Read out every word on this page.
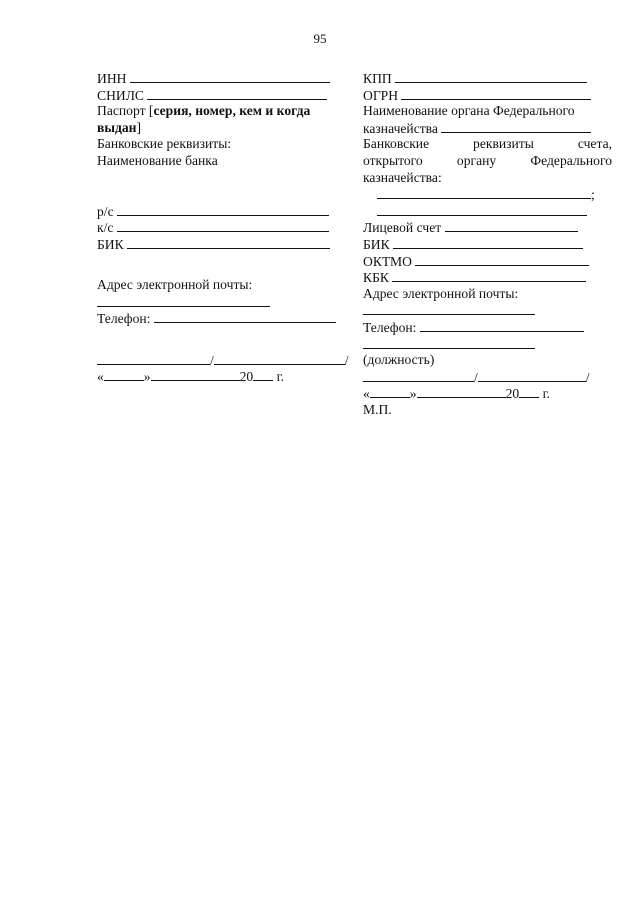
95
ИНН
СНИЛС
Паспорт [серия, номер, кем и когда
выдан]
Банковские реквизиты:
Наименование банка
р/с
к/с
БИК
Адрес электронной почты:
Телефон:
/	/
«	»	20 г.
КПП
ОГРН
Наименование органа Федерального
казначейства
Банковские	реквизиты	счета,
открытого	органу	Федерального
казначейства:
;
Лицевой счет
БИК
ОКТМО
КБК
Адрес электронной почты:
Телефон:
(должность)
/	/
«	»	20 г.
М.П.
